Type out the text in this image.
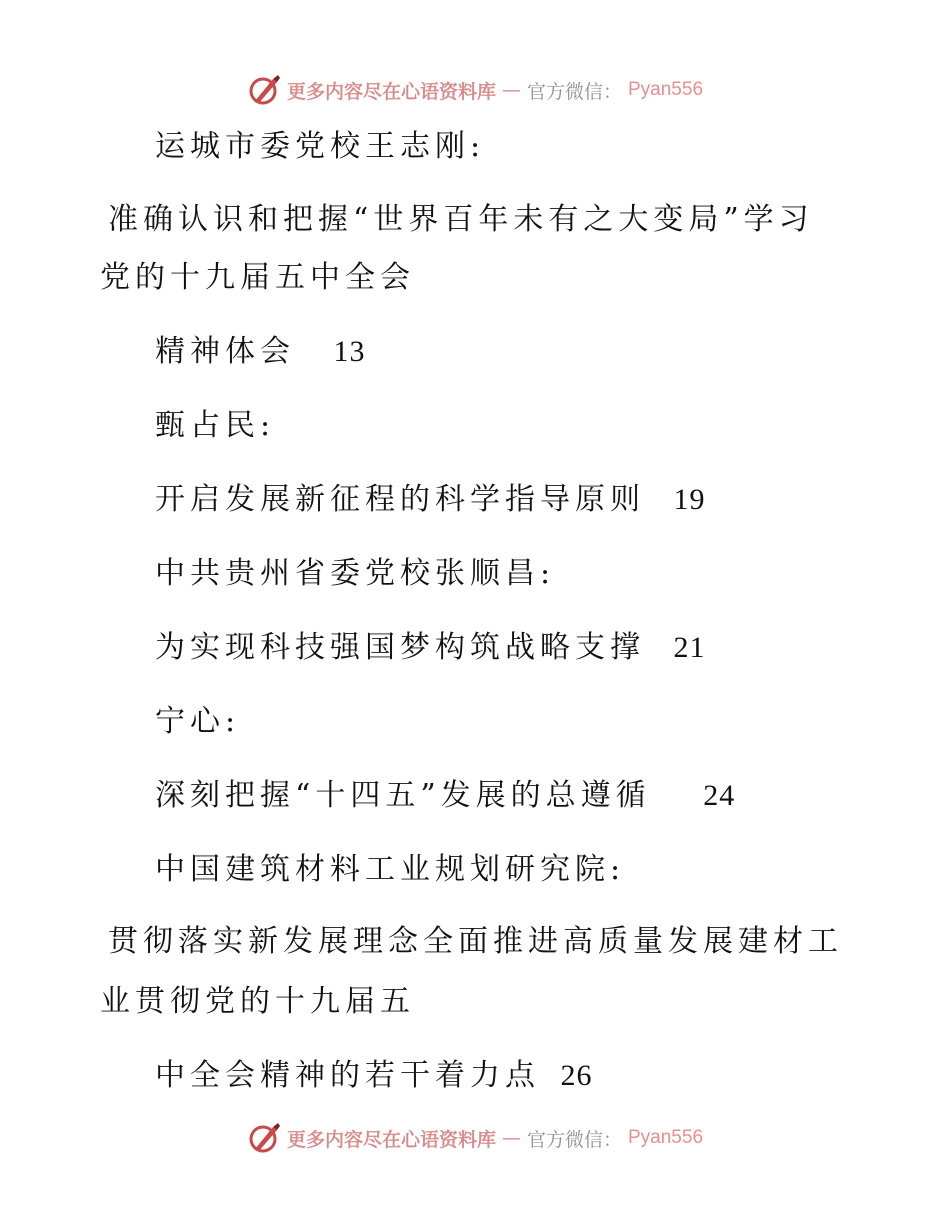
更多内容尽在心语资料库 — 官方微信： Pyan556
运城市委党校王志刚:
准确认识和把握“世界百年未有之大变局”学习
党的十九届五中全会
精神体会 13
甄占民:
开启发展新征程的科学指导原则 19
中共贵州省委党校张顺昌:
为实现科技强国梦构筑战略支撑 21
宁心:
深刻把握“十四五”发展的总遵循 24
中国建筑材料工业规划研究院:
贯彻落实新发展理念全面推进高质量发展建材工
业贯彻党的十九届五
中全会精神的若干着力点 26
更多内容尽在心语资料库 — 官方微信： Pyan556
